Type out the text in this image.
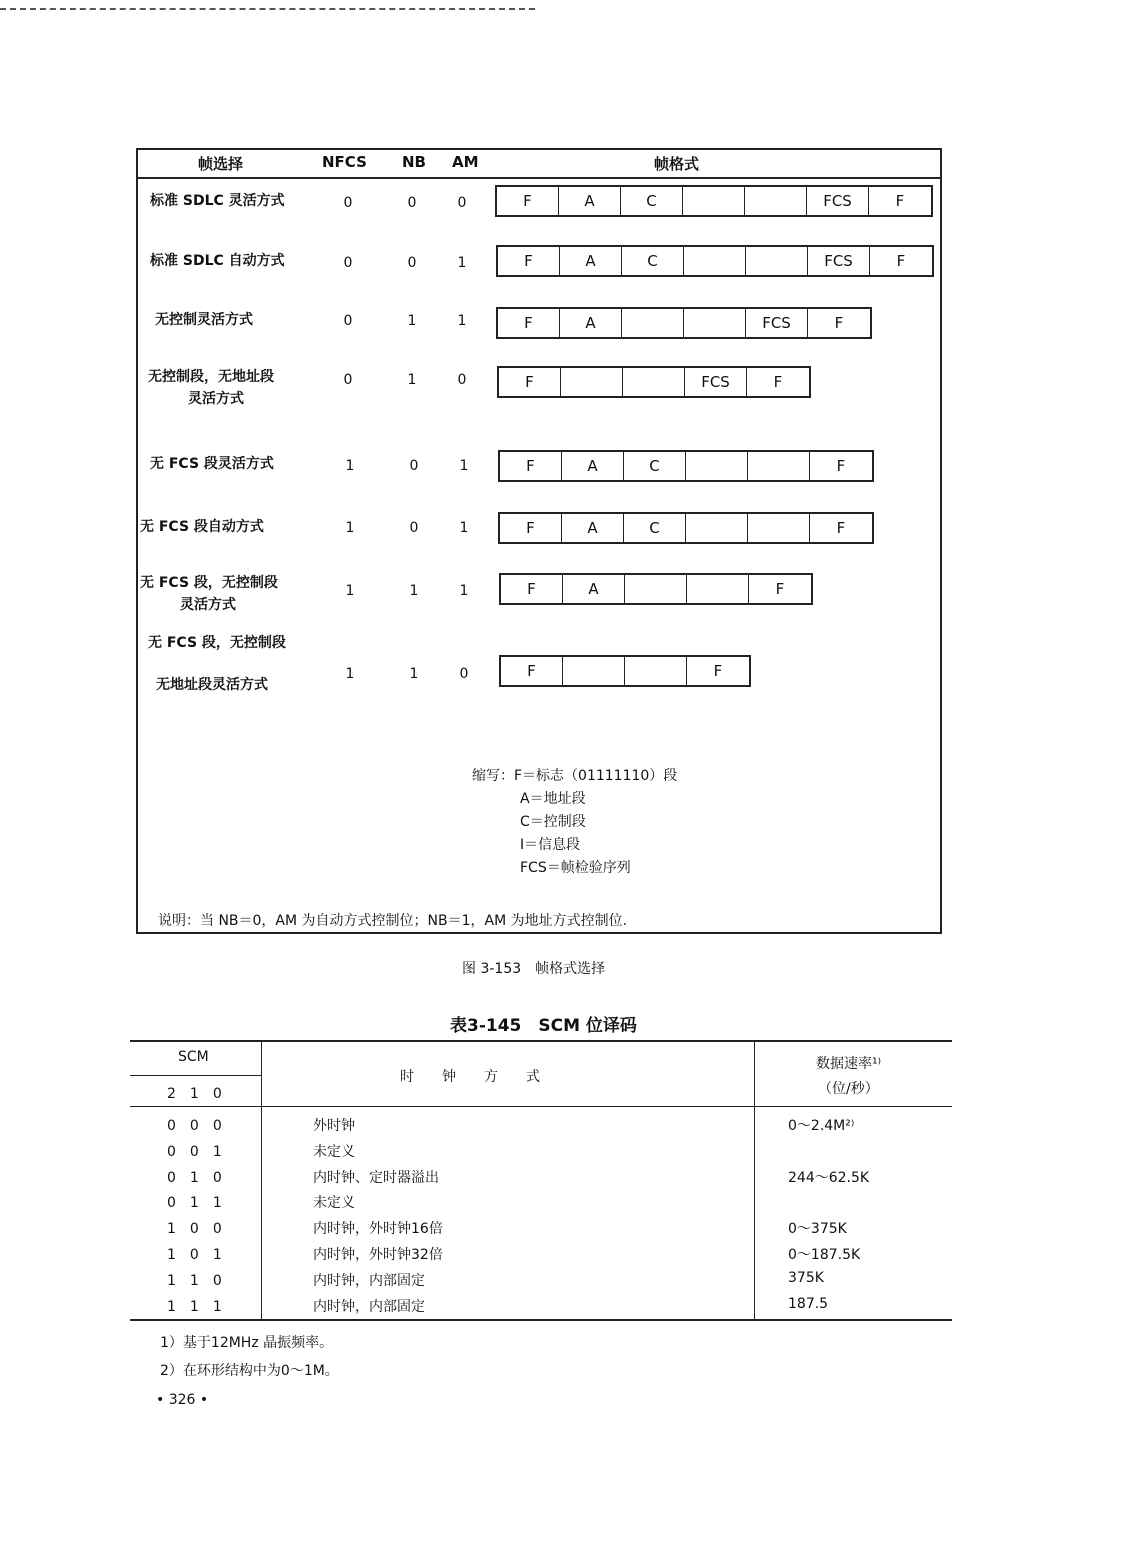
帧选择	NFCS NB AM	帧格式
标准 SDLC 灵活方式	0	0	0	F	A	C	FCS	F
标准 SDLC 自动方式	0	0	1	F	A	C	FCS	F
无控制灵活方式	0	1	1	F	A	FCS	F
无控制段，无地址段
灵活方式
0	1	0	F	FCS	F
无 FCS 段灵活方式	1	0	1	F	A	C	F
无 FCS 段自动方式	1	0	1	F	A	C	F
无 FCS 段，无控制段
灵活方式
1	1	1	F	A	F
无 FCS 段，无控制段
无地址段灵活方式
1	1	0	F	F
缩写：F＝标志（01111110）段
A＝地址段
C＝控制段
I＝信息段
FCS＝帧检验序列
说明：当 NB＝0，AM 为自动方式控制位；NB＝1，AM 为地址方式控制位.
图 3-153　帧格式选择
表3-145　SCM 位译码
SCM
2　1　0
时　　钟　　方　　式
数据速率¹⁾
（位/秒）
0　0　0	外时钟	0～2.4M²⁾
0　0　1	未定义
0　1　0	内时钟、定时器溢出	244～62.5K
0　1　1	未定义
1　0　0	内时钟，外时钟16倍	0～375K
1　0　1	内时钟，外时钟32倍	0～187.5K
1　1　0	内时钟，内部固定	375K
1　1　1	内时钟，内部固定	187.5
1）基于12MHz 晶振频率。
2）在环形结构中为0～1M。
• 326 •
